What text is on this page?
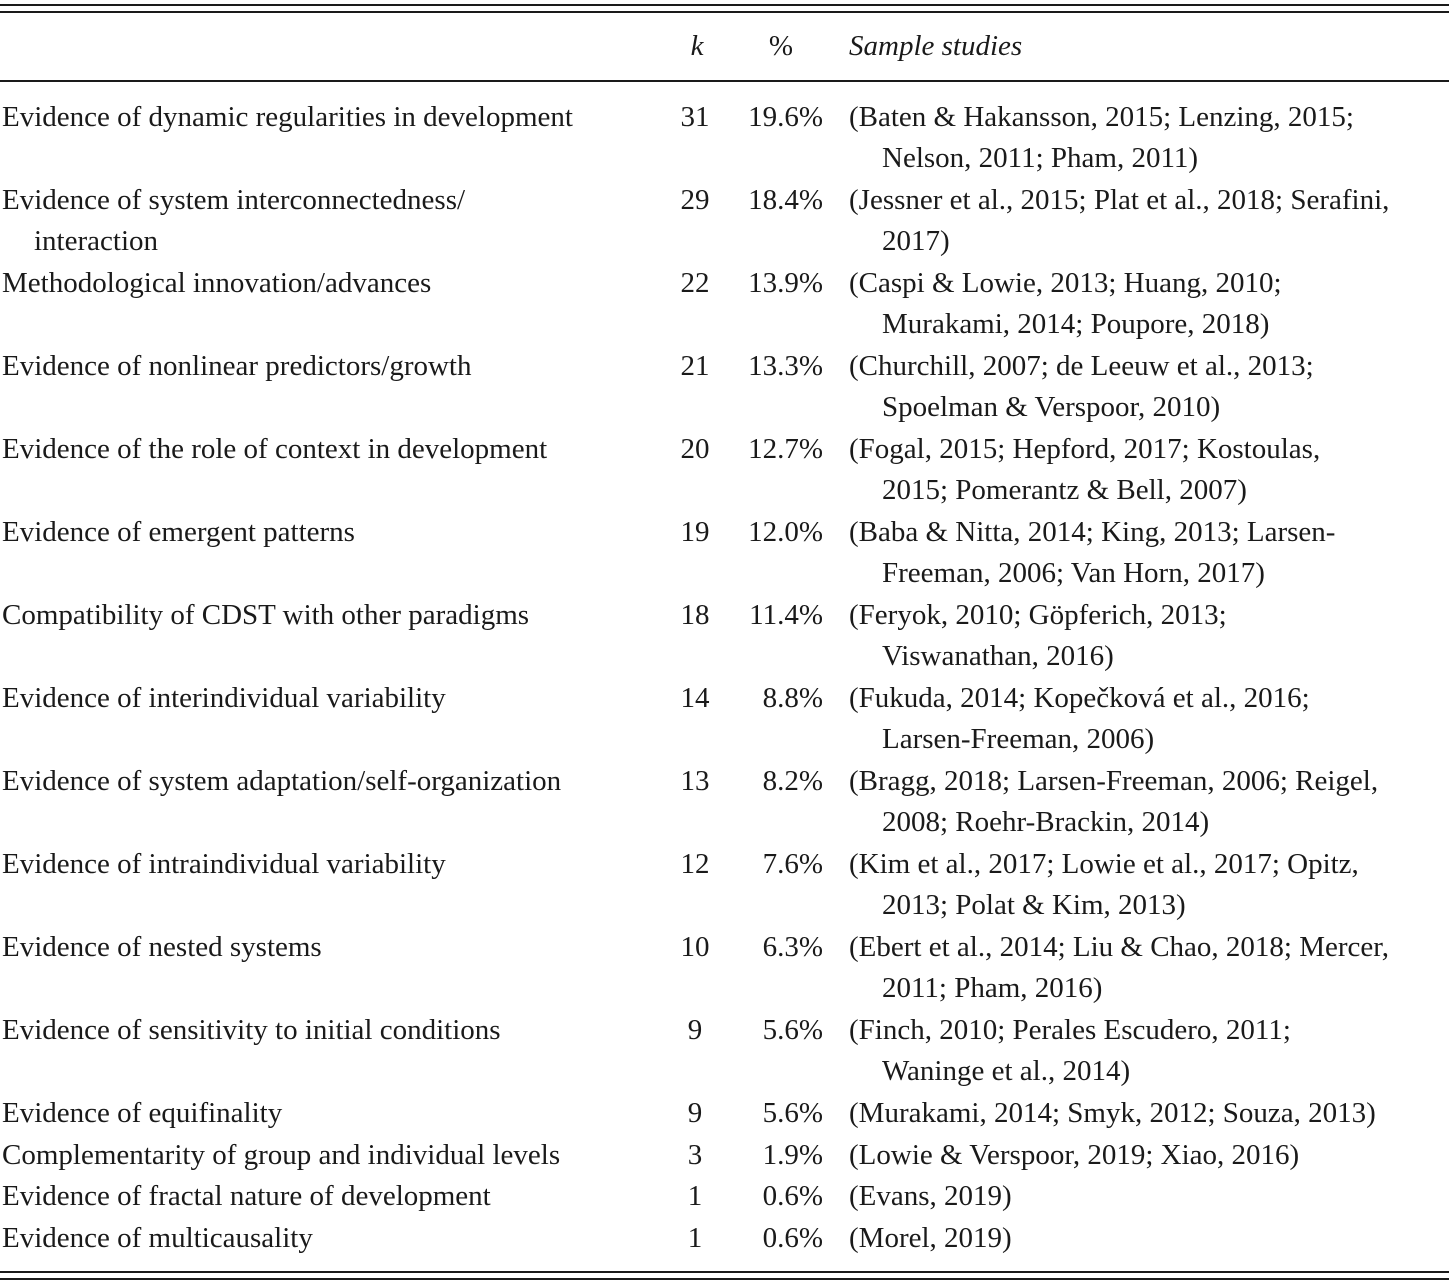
k	%	Sample studies
Evidence of dynamic regularities in development	31	19.6% (Baten & Hakansson, 2015; Lenzing, 2015;
Nelson, 2011; Pham, 2011)
Evidence of system interconnectedness/
interaction
29	18.4% (Jessner et al., 2015; Plat et al., 2018; Serafini,
2017)
Methodological innovation/advances	22	13.9% (Caspi & Lowie, 2013; Huang, 2010;
Murakami, 2014; Poupore, 2018)
Evidence of nonlinear predictors/growth	21	13.3% (Churchill, 2007; de Leeuw et al., 2013;
Spoelman & Verspoor, 2010)
Evidence of the role of context in development	20	12.7% (Fogal, 2015; Hepford, 2017; Kostoulas,
2015; Pomerantz & Bell, 2007)
Evidence of emergent patterns	19	12.0% (Baba & Nitta, 2014; King, 2013; Larsen-
Freeman, 2006; Van Horn, 2017)
Compatibility of CDST with other paradigms	18	11.4% (Feryok, 2010; Göpferich, 2013;
Viswanathan, 2016)
Evidence of interindividual variability	14	8.8% (Fukuda, 2014; Kopečková et al., 2016;
Larsen-Freeman, 2006)
Evidence of system adaptation/self-organization	13	8.2% (Bragg, 2018; Larsen-Freeman, 2006; Reigel,
2008; Roehr-Brackin, 2014)
Evidence of intraindividual variability	12	7.6% (Kim et al., 2017; Lowie et al., 2017; Opitz,
2013; Polat & Kim, 2013)
Evidence of nested systems	10	6.3% (Ebert et al., 2014; Liu & Chao, 2018; Mercer,
2011; Pham, 2016)
Evidence of sensitivity to initial conditions	9	5.6% (Finch, 2010; Perales Escudero, 2011;
Waninge et al., 2014)
Evidence of equifinality	9	5.6% (Murakami, 2014; Smyk, 2012; Souza, 2013)
Complementarity of group and individual levels	3	1.9% (Lowie & Verspoor, 2019; Xiao, 2016)
Evidence of fractal nature of development	1	0.6% (Evans, 2019)
Evidence of multicausality	1	0.6% (Morel, 2019)
